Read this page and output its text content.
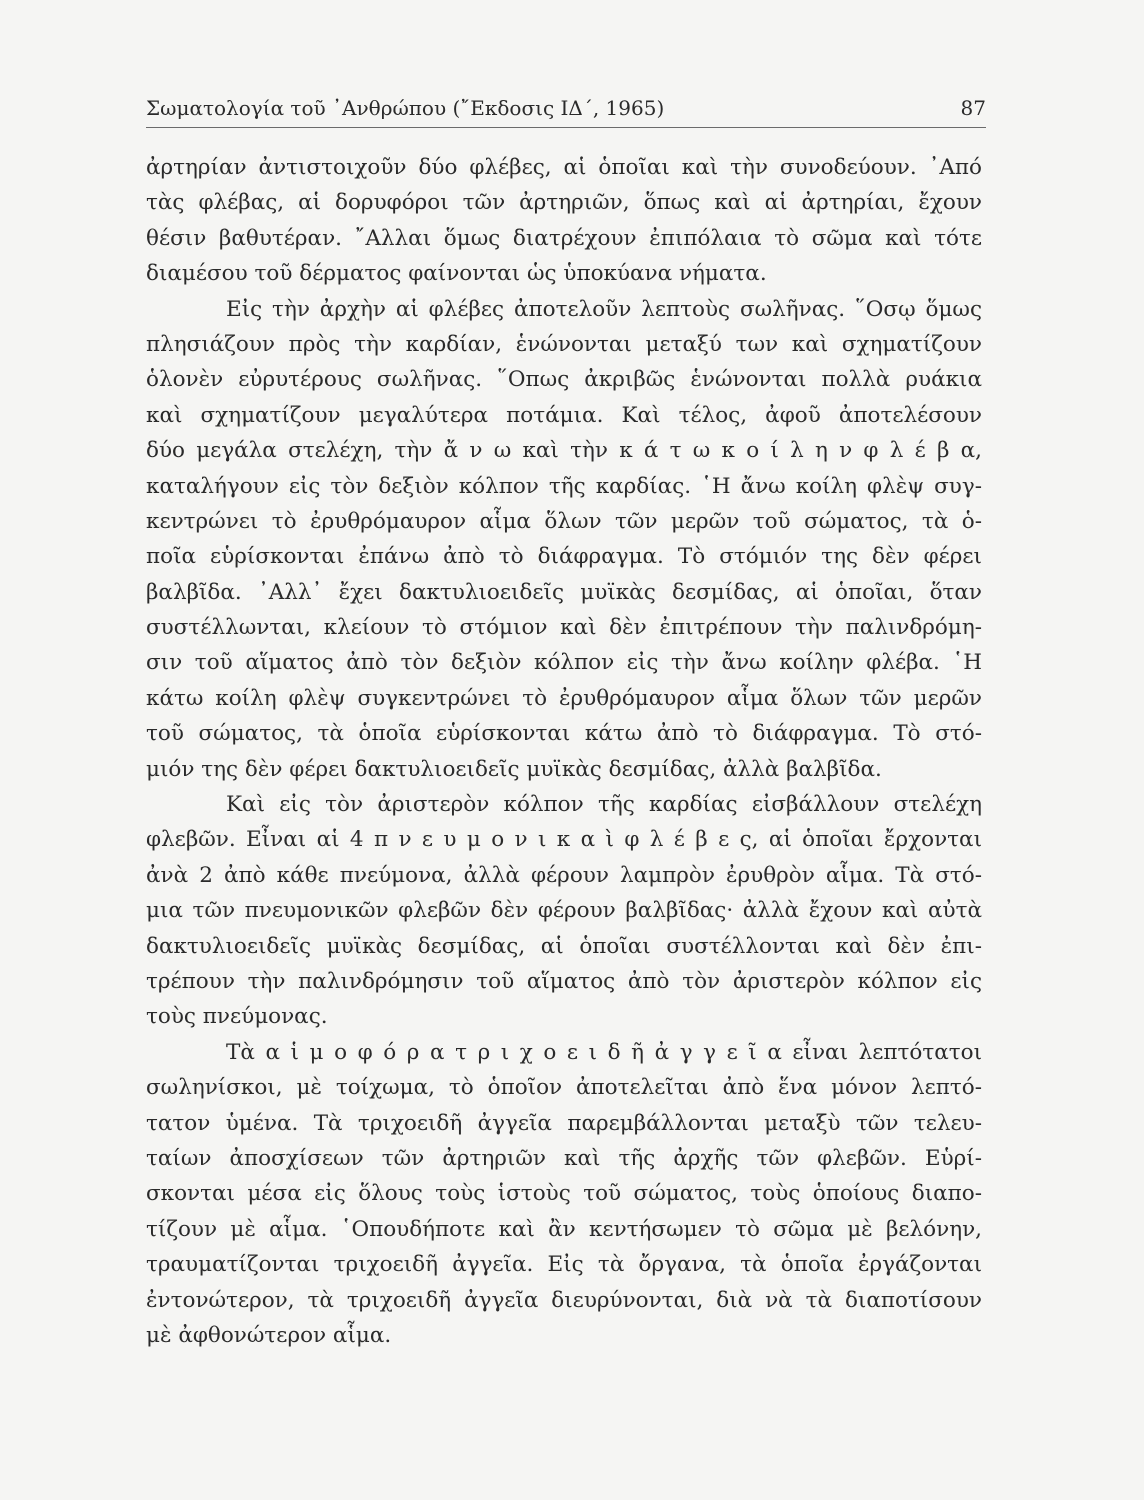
Σωματολογία τοῦ ᾿Ανθρώπου (῎Εκδοσις ΙΔ΄, 1965)	87
ἀρτηρίαν ἀντιστοιχοῦν δύο φλέβες, αἱ ὁποῖαι καὶ τὴν συνοδεύουν. ᾿Από
τὰς φλέβας, αἱ δορυφόροι τῶν ἀρτηριῶν, ὅπως καὶ αἱ ἀρτηρίαι, ἔχουν
θέσιν βαθυτέραν. ῎Αλλαι ὅμως διατρέχουν ἐπιπόλαια τὸ σῶμα καὶ τότε
διαμέσου τοῦ δέρματος φαίνονται ὡς ὑποκύανα νήματα.
Εἰς τὴν ἀρχὴν αἱ φλέβες ἀποτελοῦν λεπτοὺς σωλῆνας. ῞Οσῳ ὅμως
πλησιάζουν πρὸς τὴν καρδίαν, ἑνώνονται μεταξύ των καὶ σχηματίζουν
ὁλονὲν εὐρυτέρους σωλῆνας. ῞Οπως ἀκριβῶς ἑνώνονται πολλὰ ρυάκια
καὶ σχηματίζουν μεγαλύτερα ποτάμια. Καὶ τέλος, ἀφοῦ ἀποτελέσουν
δύο μεγάλα στελέχη, τὴν ἄ ν ω καὶ τὴν κ ά τ ω κ ο ί λ η ν φ λ έ β α,
καταλήγουν εἰς τὸν δεξιὸν κόλπον τῆς καρδίας. ῾Η ἄνω κοίλη φλὲψ συγ-
κεντρώνει τὸ ἐρυθρόμαυρον αἷμα ὅλων τῶν μερῶν τοῦ σώματος, τὰ ὁ-
ποῖα εὑρίσκονται ἐπάνω ἀπὸ τὸ διάφραγμα. Τὸ στόμιόν της δὲν φέρει
βαλβῖδα. ᾿Αλλ᾿ ἔχει δακτυλιοειδεῖς μυϊκὰς δεσμίδας, αἱ ὁποῖαι, ὅταν
συστέλλωνται, κλείουν τὸ στόμιον καὶ δὲν ἐπιτρέπουν τὴν παλινδρόμη-
σιν τοῦ αἵματος ἀπὸ τὸν δεξιὸν κόλπον εἰς τὴν ἄνω κοίλην φλέβα. ῾Η
κάτω κοίλη φλὲψ συγκεντρώνει τὸ ἐρυθρόμαυρον αἷμα ὅλων τῶν μερῶν
τοῦ σώματος, τὰ ὁποῖα εὑρίσκονται κάτω ἀπὸ τὸ διάφραγμα. Τὸ στό-
μιόν της δὲν φέρει δακτυλιοειδεῖς μυϊκὰς δεσμίδας, ἀλλὰ βαλβῖδα.
Καὶ εἰς τὸν ἀριστερὸν κόλπον τῆς καρδίας εἰσβάλλουν στελέχη
φλεβῶν. Εἶναι αἱ 4 π ν ε υ μ ο ν ι κ α ὶ φ λ έ β ε ς, αἱ ὁποῖαι ἔρχονται
ἀνὰ 2 ἀπὸ κάθε πνεύμονα, ἀλλὰ φέρουν λαμπρὸν ἐρυθρὸν αἷμα. Τὰ στό-
μια τῶν πνευμονικῶν φλεβῶν δὲν φέρουν βαλβῖδας· ἀλλὰ ἔχουν καὶ αὐτὰ
δακτυλιοειδεῖς μυϊκὰς δεσμίδας, αἱ ὁποῖαι συστέλλονται καὶ δὲν ἐπι-
τρέπουν τὴν παλινδρόμησιν τοῦ αἵματος ἀπὸ τὸν ἀριστερὸν κόλπον εἰς
τοὺς πνεύμονας.
Τὰ α ἱ μ ο φ ό ρ α τ ρ ι χ ο ε ι δ ῆ ἀ γ γ ε ῖ α εἶναι λεπτότατοι
σωληνίσκοι, μὲ τοίχωμα, τὸ ὁποῖον ἀποτελεῖται ἀπὸ ἕνα μόνον λεπτό-
τατον ὑμένα. Τὰ τριχοειδῆ ἀγγεῖα παρεμβάλλονται μεταξὺ τῶν τελευ-
ταίων ἀποσχίσεων τῶν ἀρτηριῶν καὶ τῆς ἀρχῆς τῶν φλεβῶν. Εὑρί-
σκονται μέσα εἰς ὅλους τοὺς ἱστοὺς τοῦ σώματος, τοὺς ὁποίους διαπο-
τίζουν μὲ αἷμα. ῾Οπουδήποτε καὶ ἂν κεντήσωμεν τὸ σῶμα μὲ βελόνην,
τραυματίζονται τριχοειδῆ ἀγγεῖα. Εἰς τὰ ὄργανα, τὰ ὁποῖα ἐργάζονται
ἐντονώτερον, τὰ τριχοειδῆ ἀγγεῖα διευρύνονται, διὰ νὰ τὰ διαποτίσουν
μὲ ἀφθονώτερον αἷμα.
